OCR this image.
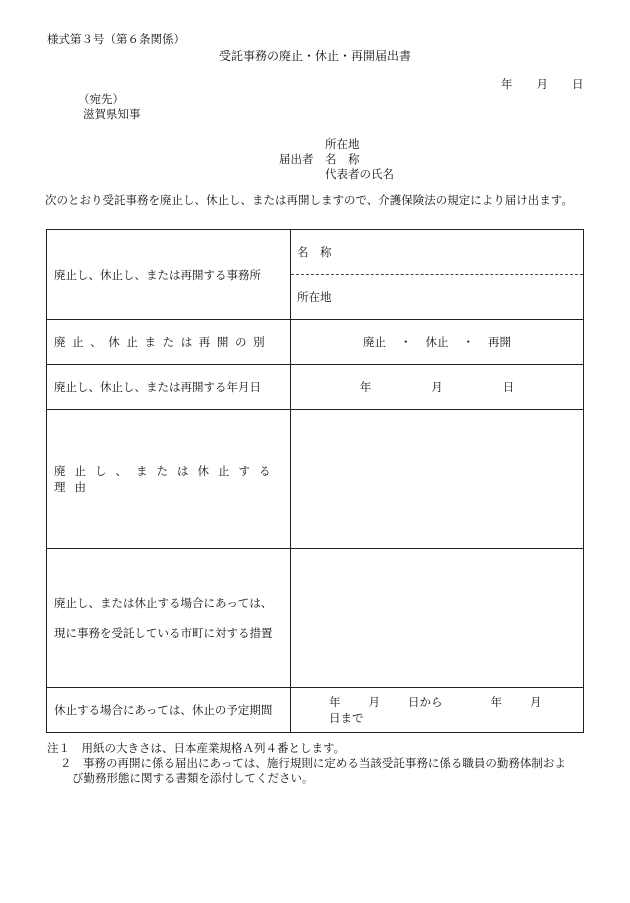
様式第３号（第６条関係）
受託事務の廃止・休止・再開届出書
年 月 日
（宛先）
滋賀県知事
所在地
届出者 名　称
代表者の氏名
次のとおり受託事務を廃止し、休止し、または再開しますので、介護保険法の規定により届け出ます。
廃止し、休止し、または再開する事務所	名　称
所在地

廃止、休止または再開の別	廃止 ・ 休止 ・ 再開
廃止し、休止し、または再開する年月日	年 月 日
廃止し、または休止する理由	

廃止し、または休止する場合にあっては、
現に事務を受託している市町に対する措置	

休止する場合にあっては、休止の予定期間	年 月 日から 年 月日まで
注１　用紙の大きさは、日本産業規格Ａ列４番とします。
２　 事務の再開に係る届出にあっては、施行規則に定める当該受託事務に係る職員の勤務体制およ
び勤務形態に関する書類を添付してください。
